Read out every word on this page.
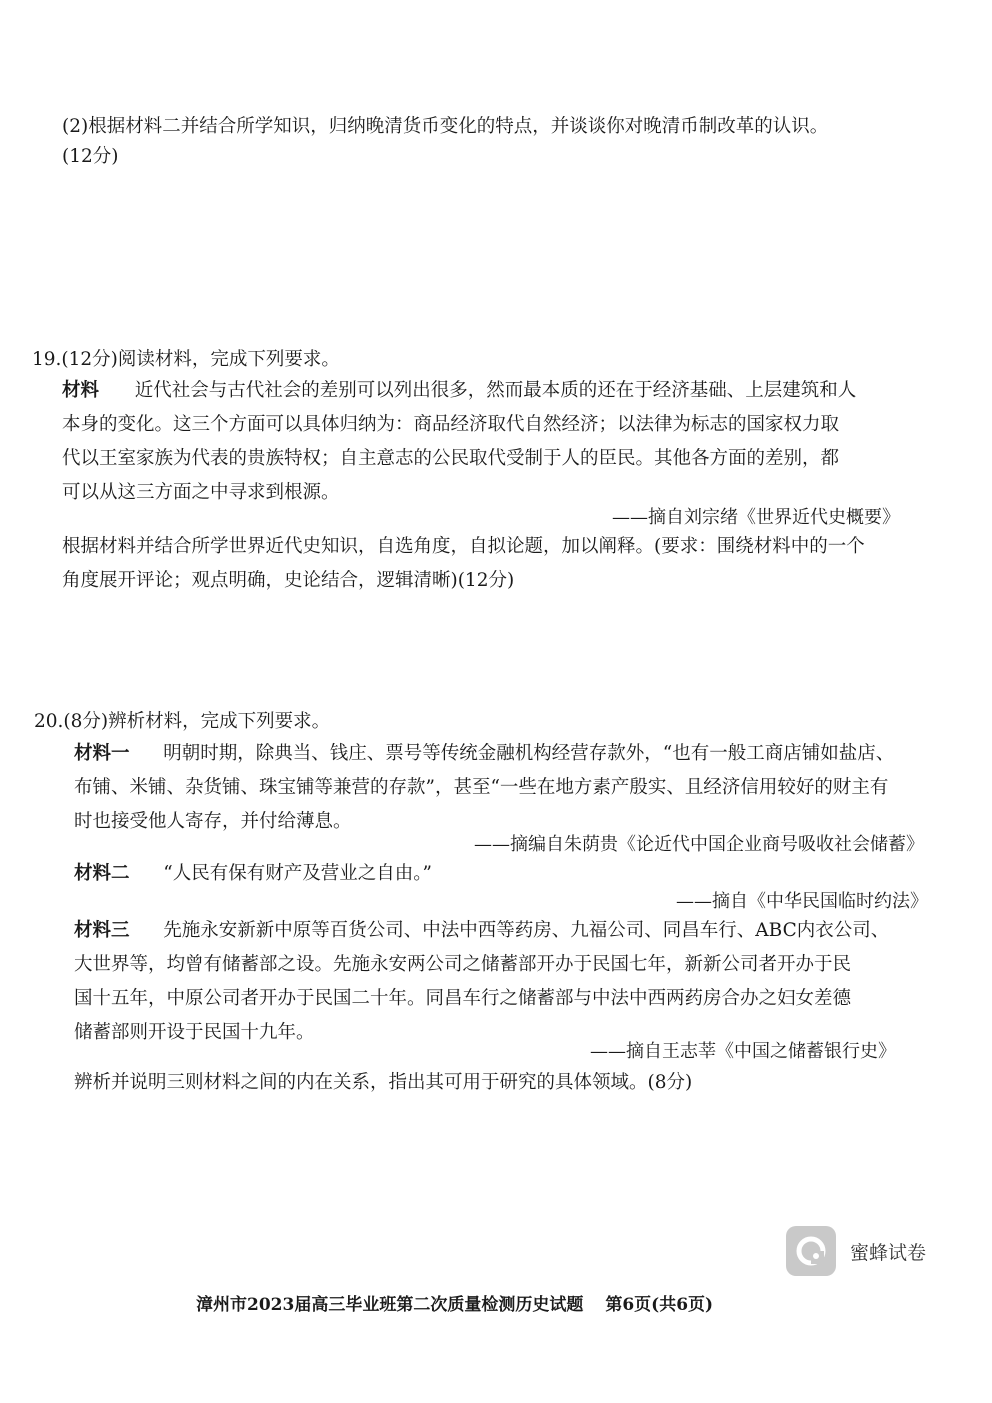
(2)根据材料二并结合所学知识，归纳晚清货币变化的特点，并谈谈你对晚清币制改革的认识。
(12分)
19.(12分)阅读材料，完成下列要求。
材料 近代社会与古代社会的差别可以列出很多，然而最本质的还在于经济基础、上层建筑和人
本身的变化。这三个方面可以具体归纳为：商品经济取代自然经济；以法律为标志的国家权力取
代以王室家族为代表的贵族特权；自主意志的公民取代受制于人的臣民。其他各方面的差别，都
可以从这三方面之中寻求到根源。
——摘自刘宗绪《世界近代史概要》
根据材料并结合所学世界近代史知识，自选角度，自拟论题，加以阐释。(要求：围绕材料中的一个
角度展开评论；观点明确，史论结合，逻辑清晰)(12分)
20.(8分)辨析材料，完成下列要求。
材料一 明朝时期，除典当、钱庄、票号等传统金融机构经营存款外，“也有一般工商店铺如盐店、
布铺、米铺、杂货铺、珠宝铺等兼营的存款”，甚至“一些在地方素产殷实、且经济信用较好的财主有
时也接受他人寄存，并付给薄息。
——摘编自朱荫贵《论近代中国企业商号吸收社会储蓄》
材料二 “人民有保有财产及营业之自由。”
——摘自《中华民国临时约法》
材料三 先施永安新新中原等百货公司、中法中西等药房、九福公司、同昌车行、ABC内衣公司、
大世界等，均曾有储蓄部之设。先施永安两公司之储蓄部开办于民国七年，新新公司者开办于民
国十五年，中原公司者开办于民国二十年。同昌车行之储蓄部与中法中西两药房合办之妇女差德
储蓄部则开设于民国十九年。
——摘自王志莘《中国之储蓄银行史》
辨析并说明三则材料之间的内在关系，指出其可用于研究的具体领域。(8分)
蜜蜂试卷
漳州市2023届高三毕业班第二次质量检测历史试题 第6页(共6页)
